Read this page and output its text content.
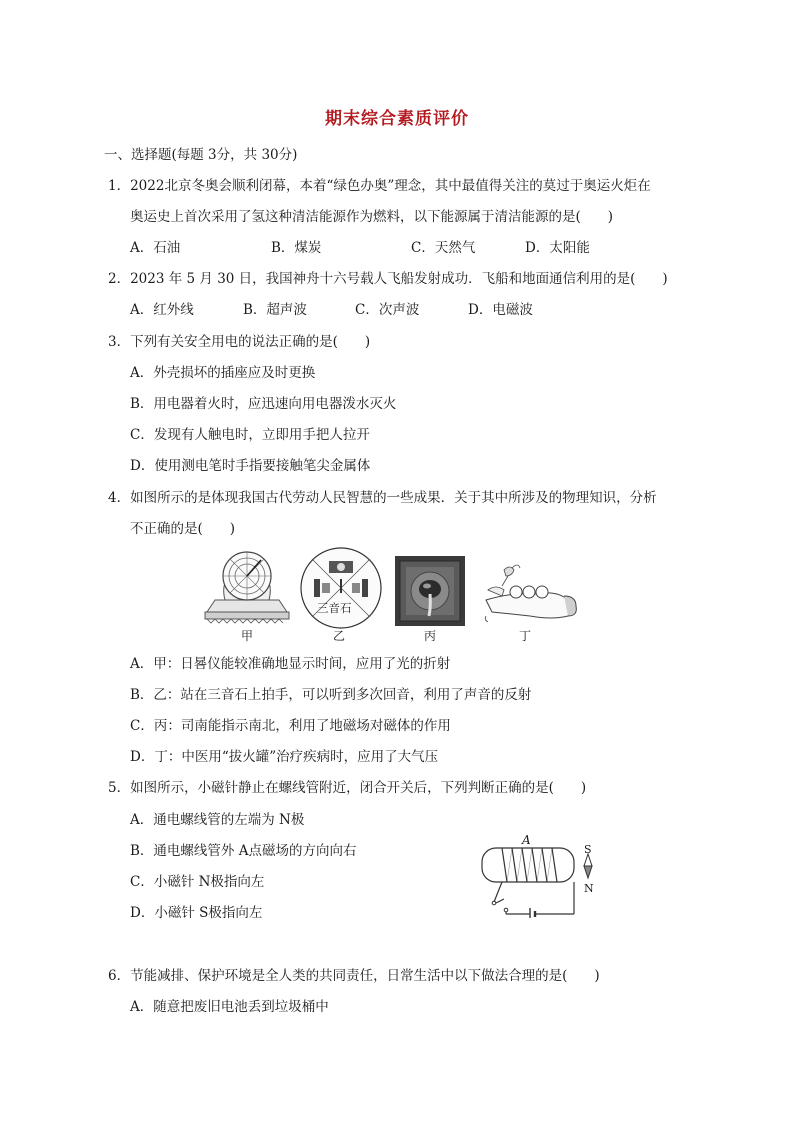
期末综合素质评价
一、选择题(每题 3分，共 30分)
1．2022北京冬奥会顺利闭幕，本着“绿色办奥”理念，其中最值得关注的莫过于奥运火炬在
奥运史上首次采用了氢这种清洁能源作为燃料，以下能源属于清洁能源的是(　　)
A．石油	B．煤炭	C．天然气	D．太阳能
2．2023 年 5 月 30 日，我国神舟十六号载人飞船发射成功．飞船和地面通信利用的是(　　)
A．红外线	B．超声波	C．次声波	D．电磁波
3．下列有关安全用电的说法正确的是(　　)
A．外壳损坏的插座应及时更换
B．用电器着火时，应迅速向用电器泼水灭火
C．发现有人触电时，立即用手把人拉开
D．使用测电笔时手指要接触笔尖金属体
4．如图所示的是体现我国古代劳动人民智慧的一些成果．关于其中所涉及的物理知识，分析
不正确的是(　　)
甲
三音石
乙	丙	丁
A．甲：日晷仪能较准确地显示时间，应用了光的折射
B．乙：站在三音石上拍手，可以听到多次回音，利用了声音的反射
C．丙：司南能指示南北，利用了地磁场对磁体的作用
D．丁：中医用“拔火罐”治疗疾病时，应用了大气压
5．如图所示，小磁针静止在螺线管附近，闭合开关后，下列判断正确的是(　　)
A．通电螺线管的左端为 N极
B．通电螺线管外 A点磁场的方向向右
C．小磁针 N极指向左
D．小磁针 S极指向左
A
S
N
6．节能减排、保护环境是全人类的共同责任，日常生活中以下做法合理的是(　　)
A．随意把废旧电池丢到垃圾桶中
